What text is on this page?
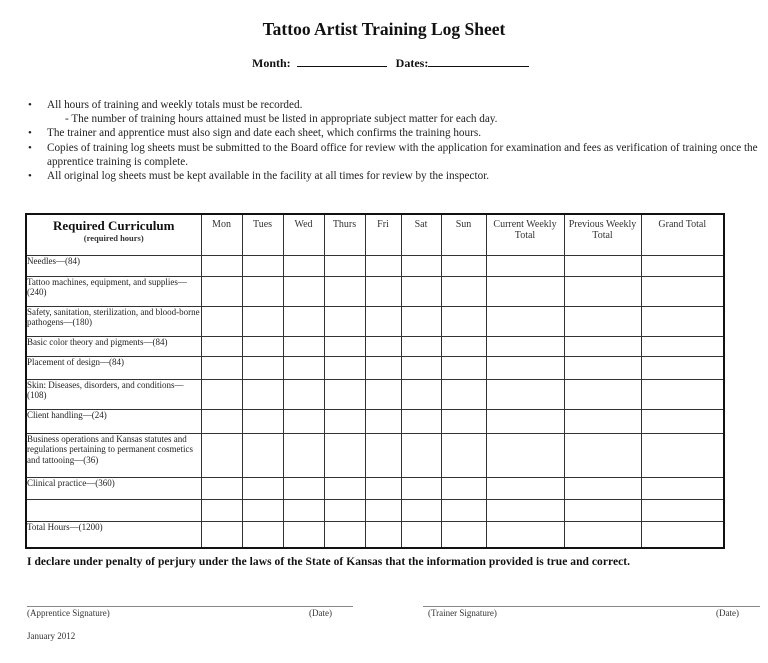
Tattoo Artist Training Log Sheet
Month:	Dates:
• All hours of training and weekly totals must be recorded.
- The number of training hours attained must be listed in appropriate subject matter for each day.
• The trainer and apprentice must also sign and date each sheet, which confirms the training hours.
• Copies of training log sheets must be submitted to the Board office for review with the application for examination and fees as verification of training once the apprentice training is complete.
• All original log sheets must be kept available in the facility at all times for review by the inspector.
Required Curriculum
(required hours)	Mon	Tues	Wed	Thurs	Fri	Sat	Sun	Current Weekly Total	Previous Weekly Total	Grand Total
Needles—(84)										
Tattoo machines, equipment, and supplies—(240)										
Safety, sanitation, sterilization, and blood-borne pathogens—(180)										
Basic color theory and pigments—(84)										
Placement of design—(84)										
Skin: Diseases, disorders, and conditions—(108)										
Client handling—(24)										
Business operations and Kansas statutes and regulations pertaining to permanent cosmetics and tattooing—(36)										
Clinical practice—(360)										

Total Hours—(1200)										
I declare under penalty of perjury under the laws of the State of Kansas that the information provided is true and correct.
(Apprentice Signature)	(Date)	(Trainer Signature)	(Date)
January 2012
